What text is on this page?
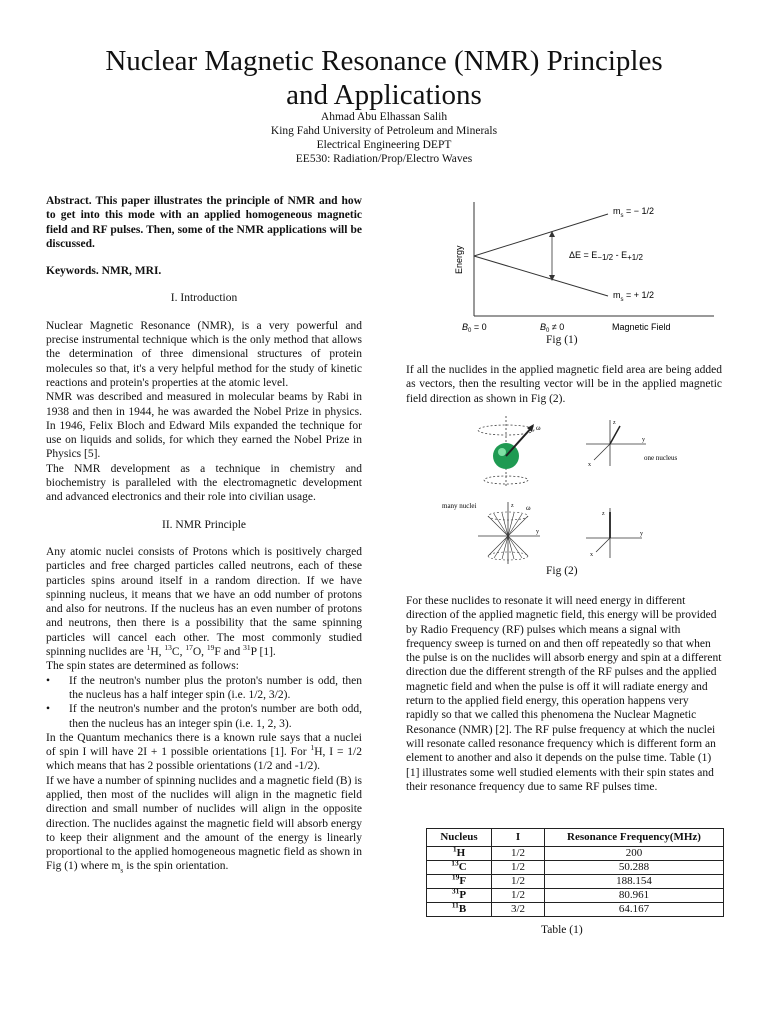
Nuclear Magnetic Resonance (NMR) Principles
and Applications
Ahmad Abu Elhassan Salih
King Fahd University of Petroleum and Minerals
Electrical Engineering DEPT
EE530: Radiation/Prop/Electro Waves

Abstract. This paper illustrates the principle of NMR and how to get into this mode with an applied homogeneous magnetic field and RF pulses. Then, some of the NMR applications will be discussed.

Keywords. NMR, MRI.

I. Introduction

Nuclear Magnetic Resonance (NMR), is a very powerful and precise instrumental technique which is the only method that allows the determination of three dimensional structures of protein molecules so that, it's a very helpful method for the study of kinetic reactions and protein's properties at the atomic level.

NMR was described and measured in molecular beams by Rabi in 1938 and then in 1944, he was awarded the Nobel Prize in physics. In 1946, Felix Bloch and Edward Mils expanded the technique for use on liquids and solids, for which they earned the Nobel Prize in Physics [5].

The NMR development as a technique in chemistry and biochemistry is paralleled with the electromagnetic development and advanced electronics and their role into civilian usage.

II. NMR Principle

Any atomic nuclei consists of Protons which is positively charged particles and free charged particles called neutrons, each of these particles spins around itself in a random direction. If we have spinning nucleus, it means that we have an odd number of protons and also for neutrons. If the nucleus has an even number of protons and neutrons, then there is a possibility that the same spinning particles will cancel each other. The most commonly studied spinning nuclides are $^1$H, $^{13}$C, $^{17}$O, $^{19}$F and $^{31}$P [1].

The spin states are determined as follows:

• If the neutron's number plus the proton's number is odd, then the nucleus has a half integer spin (i.e. 1/2, 3/2).
• If the neutron's number and the proton's number are both odd, then the nucleus has an integer spin (i.e. 1, 2, 3).

In the Quantum mechanics there is a known rule says that a nuclei of spin I will have 2I + 1 possible orientations [1]. For $^1$H, I = 1/2 which means that has 2 possible orientations (1/2 and -1/2).

If we have a number of spinning nuclides and a magnetic field (B) is applied, then most of the nuclides will align in the magnetic field direction and small number of nuclides will align in the opposite direction. The nuclides against the magnetic field will absorb energy to keep their alignment and the amount of the energy is linearly proportional to the applied homogeneous magnetic field as shown in Fig (1) where $m_s$ is the spin orientation.

Energy
$m_s$ = − 1/2
$m_s$ = + 1/2
ΔE = E−1/2 - E+1/2
$B_0 = 0$	$B_0 \ne 0$	Magnetic Field
Fig (1)
If all the nuclides in the applied magnetic field area are being added as vectors, then the resulting vector will be in the applied magnetic field direction as shown in Fig (2).
ω
z
y
x
one nucleus
many nuclei	z ω
y
z
y
x
Fig (2)
For these nuclides to resonate it will need energy in different direction of the applied magnetic field, this energy will be provided by Radio Frequency (RF) pulses which means a signal with frequency sweep is turned on and then off repeatedly so that when the pulse is on the nuclides will absorb energy and spin at a different direction due the different strength of the RF pulses and the applied magnetic field and when the pulse is off it will radiate energy and return to the applied field energy, this operation happens very rapidly so that we called this phenomena the Nuclear Magnetic Resonance (NMR) [2]. The RF pulse frequency at which the nuclei will resonate called resonance frequency which is different form an element to another and also it depends on the pulse time. Table (1) [1] illustrates some well studied elements with their spin states and their resonance frequency due to same RF pulses time.
Nucleus	I	Resonance Frequency(MHz)
$^1$H	1/2	200
$^{13}$C	1/2	50.288
$^{19}$F	1/2	188.154
$^{31}$P	1/2	80.961
$^{11}$B	3/2	64.167
Table (1)
